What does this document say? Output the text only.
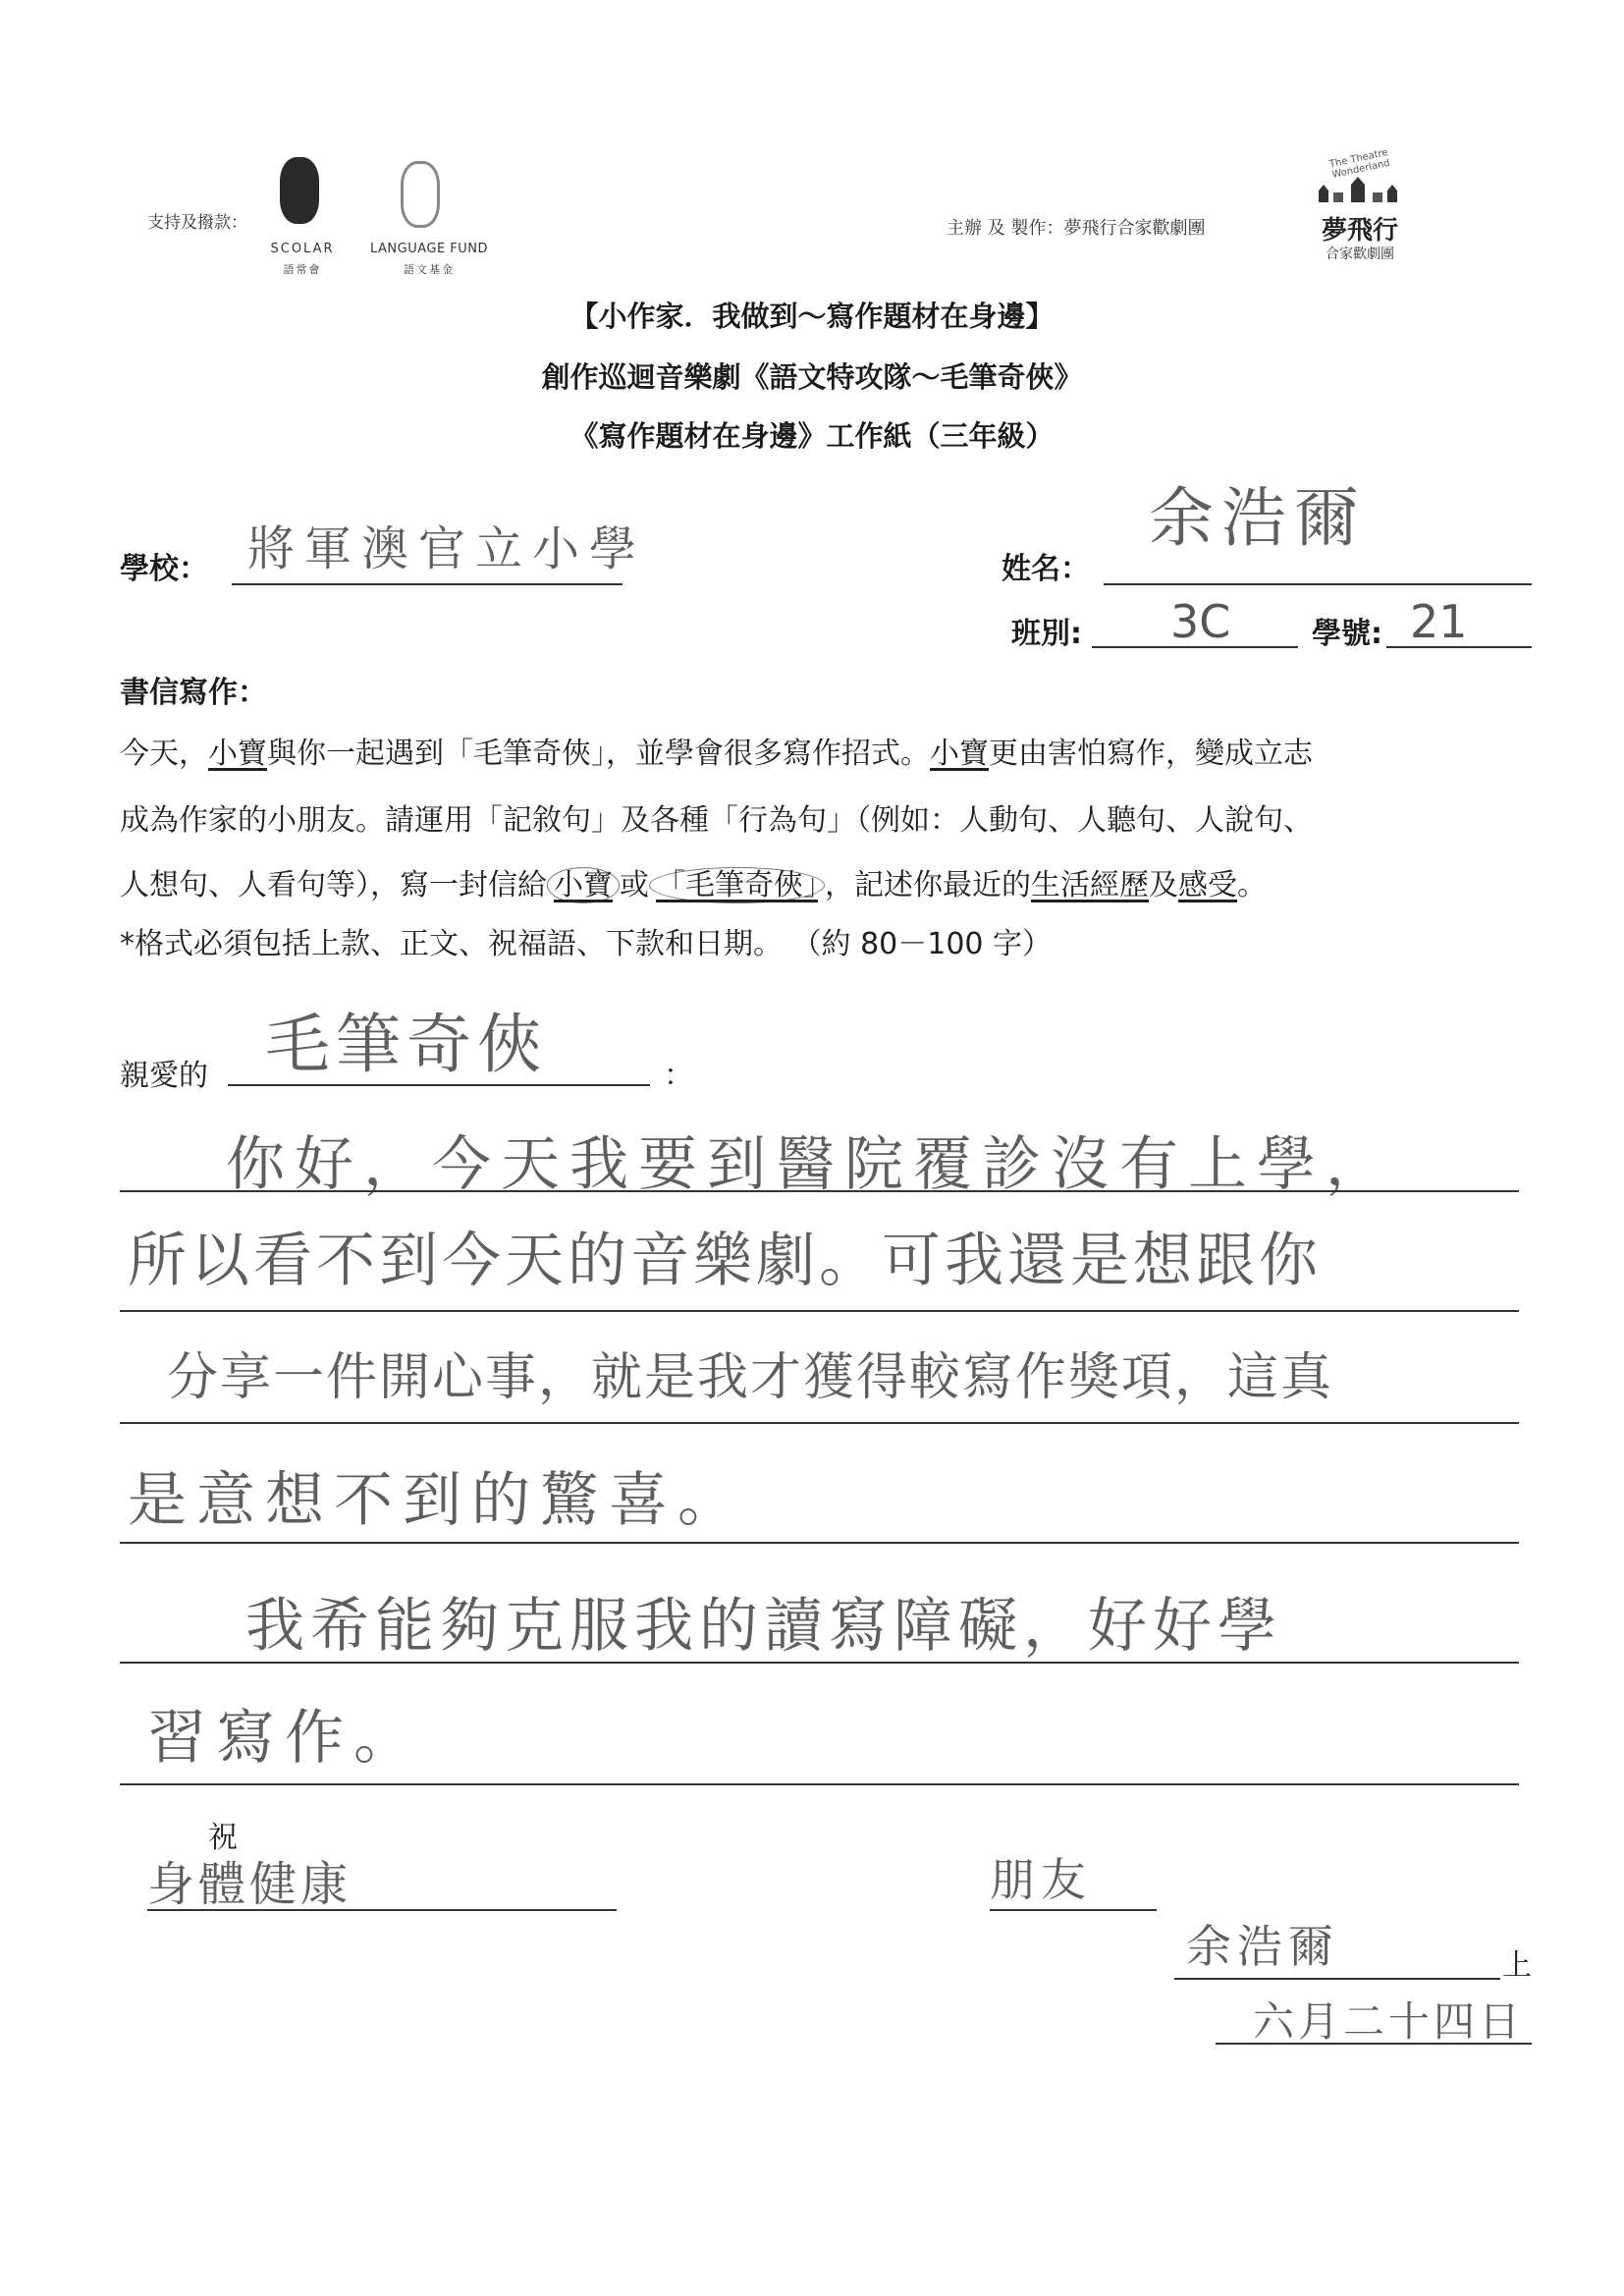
支持及撥款：
SCOLAR
語常會
LANGUAGE FUND
語文基金
主辦 及 製作：夢飛行合家歡劇團
The Theatre Wonderland
夢飛行
合家歡劇團
【小作家．我做到～寫作題材在身邊】
創作巡迴音樂劇《語文特攻隊～毛筆奇俠》
《寫作題材在身邊》工作紙（三年級）
學校： 將軍澳官立小學	姓名：
余浩爾
班別: 3C	學號: 21
書信寫作：
今天，小寶與你一起遇到「毛筆奇俠」，並學會很多寫作招式。小寶更由害怕寫作，變成立志
成為作家的小朋友。請運用「記敘句」及各種「行為句」（例如：人動句、人聽句、人說句、
人想句、人看句等），寫一封信給 小寶 或 「毛筆奇俠」 ，記述你最近的生活經歷及感受。
*格式必須包括上款、正文、祝福語、下款和日期。 （約 80－100 字）
親愛的 毛筆奇俠	：
你好，今天我要到醫院覆診沒有上學，
所以看不到今天的音樂劇。可我還是想跟你
分享一件開心事，就是我才獲得較寫作獎項，這真
是意想不到的驚喜。
我希能夠克服我的讀寫障礙，好好學
習寫作。
祝
身體健康	朋友
余浩爾	上
六月二十四日
